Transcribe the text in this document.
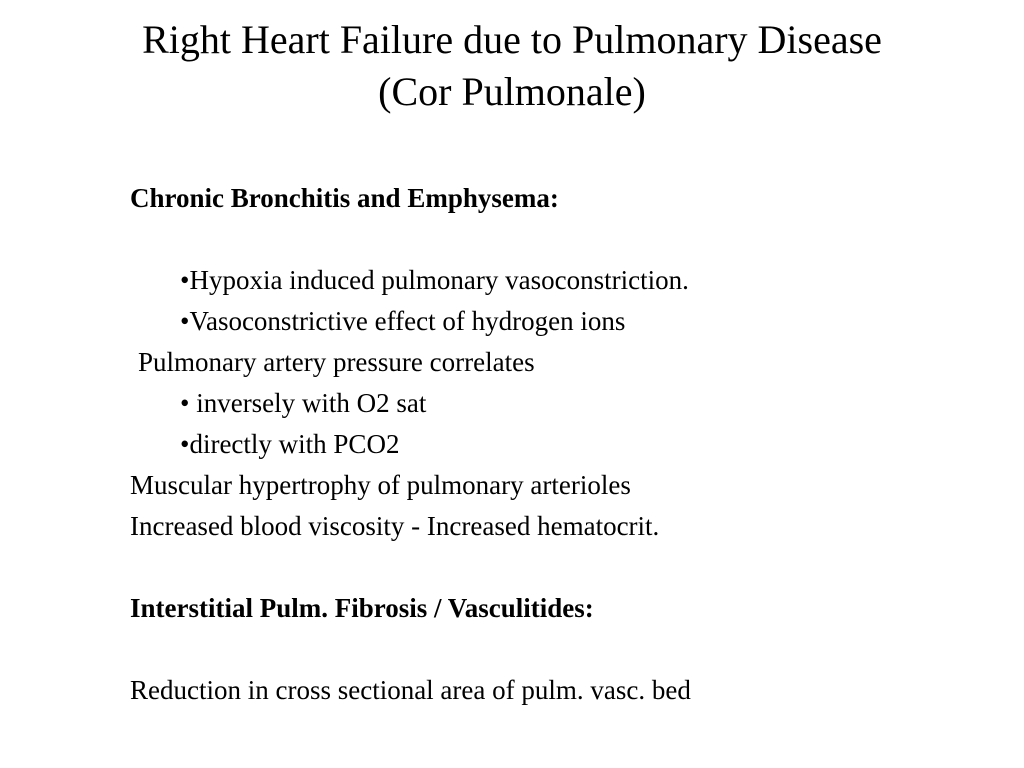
Right Heart Failure due to Pulmonary Disease
(Cor Pulmonale)
Chronic Bronchitis and Emphysema:
•Hypoxia induced pulmonary vasoconstriction.
•Vasoconstrictive effect of hydrogen ions
Pulmonary artery pressure correlates
• inversely with O2 sat
•directly with PCO2
Muscular hypertrophy of pulmonary arterioles
Increased blood viscosity - Increased hematocrit.
Interstitial Pulm. Fibrosis / Vasculitides:
Reduction in cross sectional area of pulm. vasc. bed
